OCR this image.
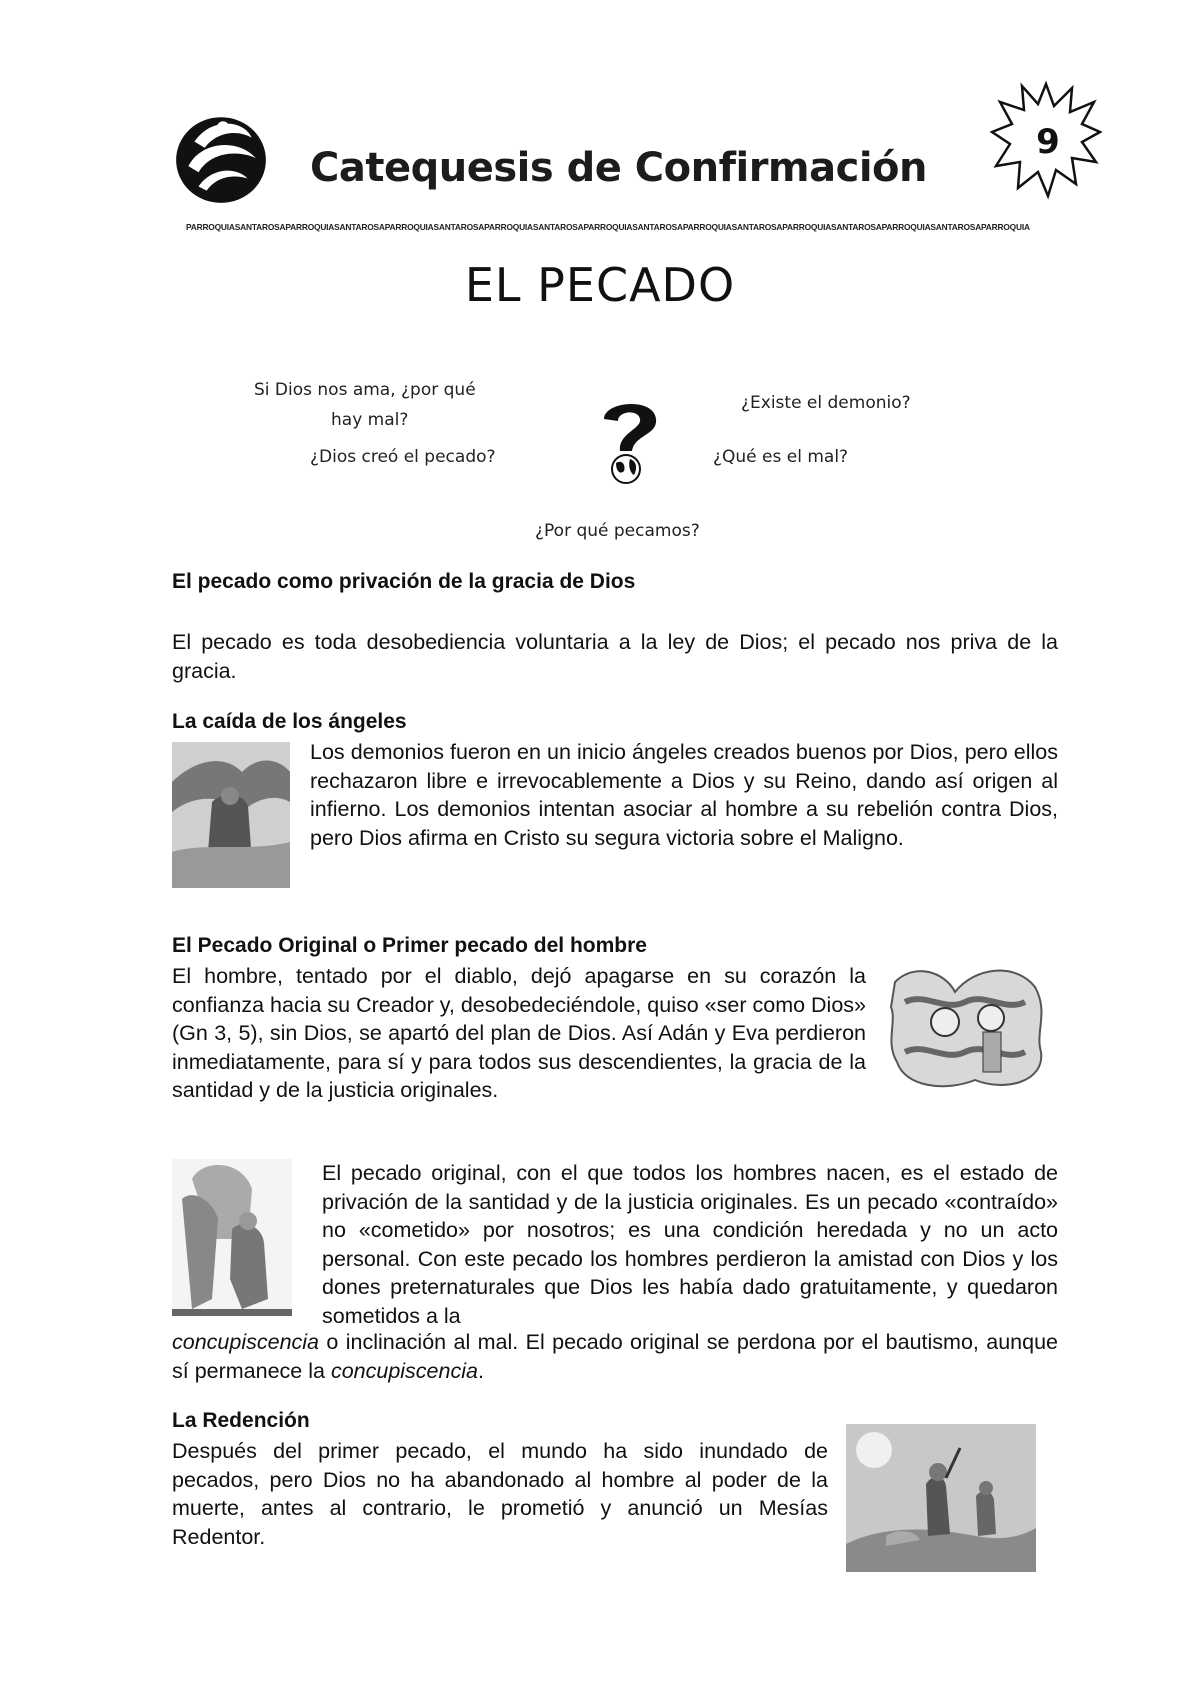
Catequesis de Confirmación
9
PARROQUIASANTAROSAPARROQUIASANTAROSAPARROQUIASANTAROSAPARROQUIASANTAROSAPARROQUIASANTAROSAPARROQUIASANTAROSAPARROQUIASANTAROSAPARROQUIASANTAROSAPARROQUIA
EL PECADO
Si Dios nos ama, ¿por qué
hay mal?
¿Dios creó el pecado?
¿Existe el demonio?
¿Qué es el mal?
¿Por qué pecamos?
El pecado como privación de la gracia de Dios
El pecado es toda desobediencia voluntaria a la ley de Dios; el pecado nos priva de la gracia.
La caída de los ángeles
Los demonios fueron en un inicio ángeles creados buenos por Dios, pero ellos rechazaron libre e irrevocablemente a Dios y su Reino, dando así origen al infierno. Los demonios intentan asociar al hombre a su rebelión contra Dios, pero Dios afirma en Cristo su segura victoria sobre el Maligno.
El Pecado Original o Primer pecado del hombre
El hombre, tentado por el diablo, dejó apagarse en su corazón la confianza hacia su Creador y, desobedeciéndole, quiso «ser como Dios» (Gn 3, 5), sin Dios, se apartó del plan de Dios. Así Adán y Eva perdieron inmediatamente, para sí y para todos sus descendientes, la gracia de la santidad y de la justicia originales.
El pecado original, con el que todos los hombres nacen, es el estado de privación de la santidad y de la justicia originales. Es un pecado «contraído» no «cometido» por nosotros; es una condición heredada y no un acto personal. Con este pecado los hombres perdieron la amistad con Dios y los dones preternaturales que Dios les había dado gratuitamente, y quedaron sometidos a la
concupiscencia o inclinación al mal. El pecado original se perdona por el bautismo, aunque sí permanece la concupiscencia.
La Redención
Después del primer pecado, el mundo ha sido inundado de pecados, pero Dios no ha abandonado al hombre al poder de la muerte, antes al contrario, le prometió y anunció un Mesías Redentor.
